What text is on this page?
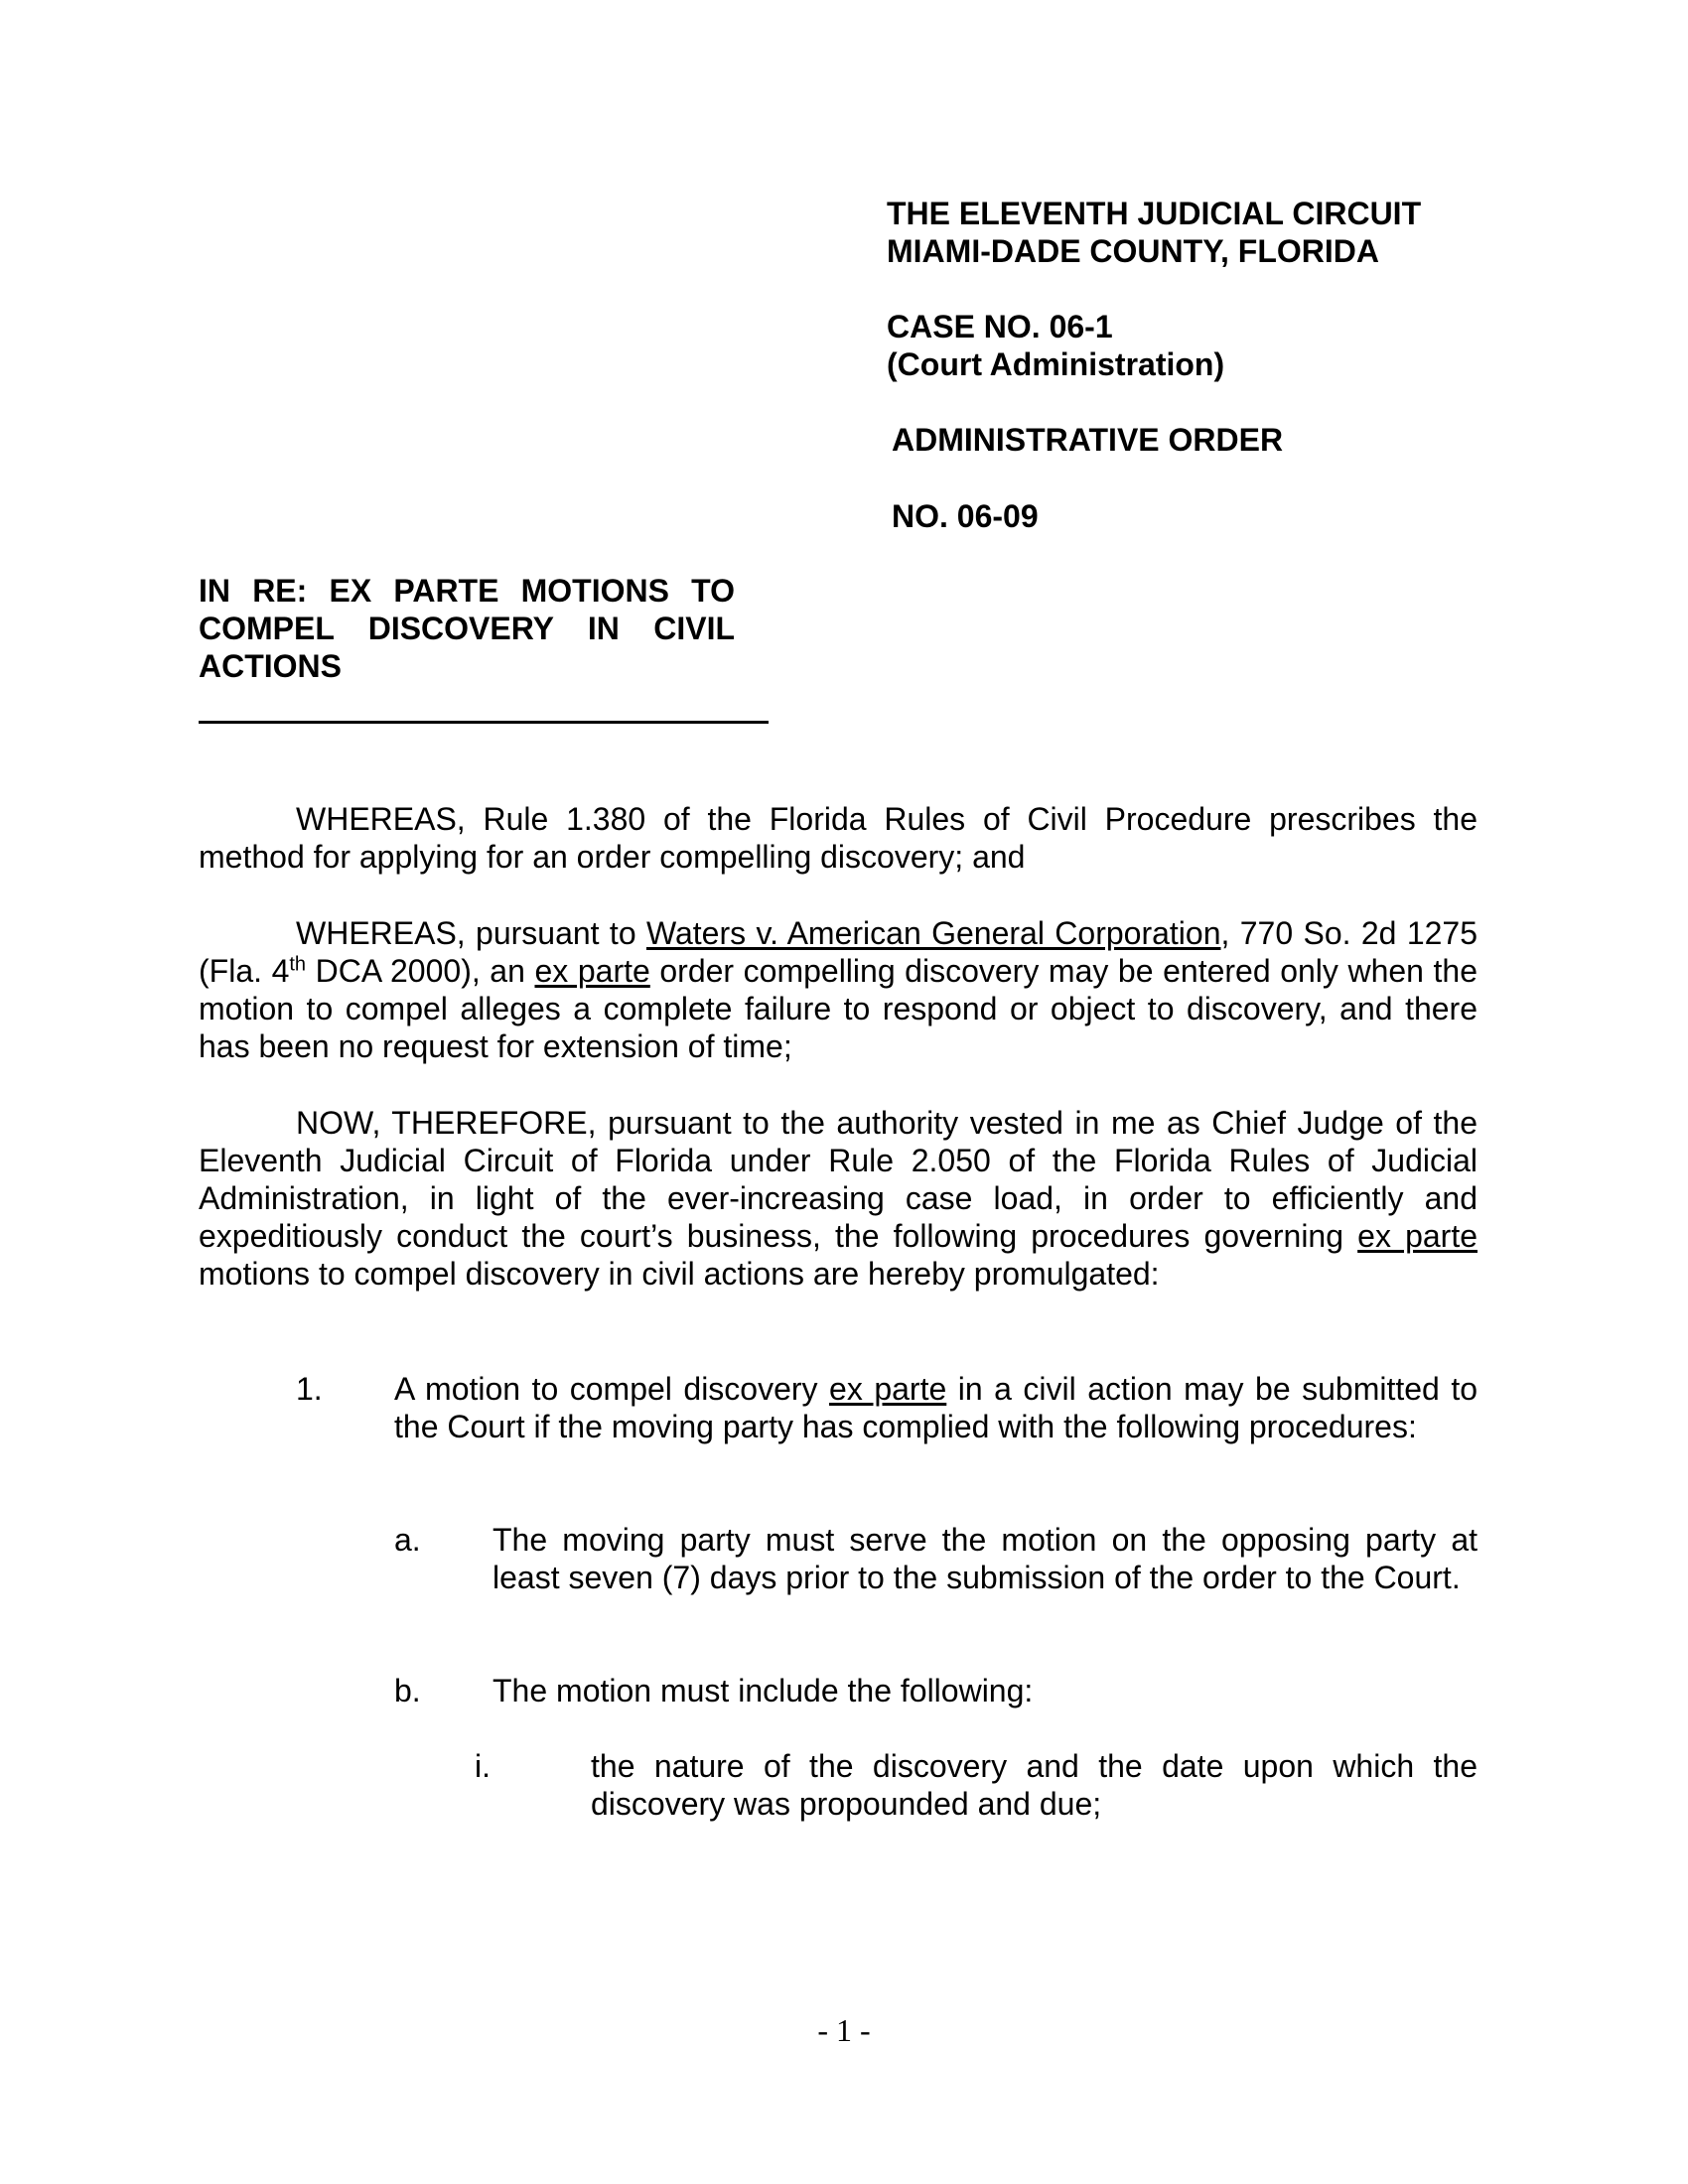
THE ELEVENTH JUDICIAL CIRCUIT
MIAMI-DADE COUNTY, FLORIDA
CASE NO. 06-1
(Court Administration)
ADMINISTRATIVE ORDER
NO. 06-09
IN RE: EX PARTE MOTIONS TO COMPEL DISCOVERY IN CIVIL ACTIONS
WHEREAS, Rule 1.380 of the Florida Rules of Civil Procedure prescribes the method for applying for an order compelling discovery; and
WHEREAS, pursuant to Waters v. American General Corporation, 770 So. 2d 1275 (Fla. 4th DCA 2000), an ex parte order compelling discovery may be entered only when the motion to compel alleges a complete failure to respond or object to discovery, and there has been no request for extension of time;
NOW, THEREFORE, pursuant to the authority vested in me as Chief Judge of the Eleventh Judicial Circuit of Florida under Rule 2.050 of the Florida Rules of Judicial Administration, in light of the ever-increasing case load, in order to efficiently and expeditiously conduct the court’s business, the following procedures governing ex parte motions to compel discovery in civil actions are hereby promulgated:
1. A motion to compel discovery ex parte in a civil action may be submitted to the Court if the moving party has complied with the following procedures:
a. The moving party must serve the motion on the opposing party at least seven (7) days prior to the submission of the order to the Court.
b. The motion must include the following:
i.	the nature of the discovery and the date upon which the discovery was propounded and due;
- 1 -
